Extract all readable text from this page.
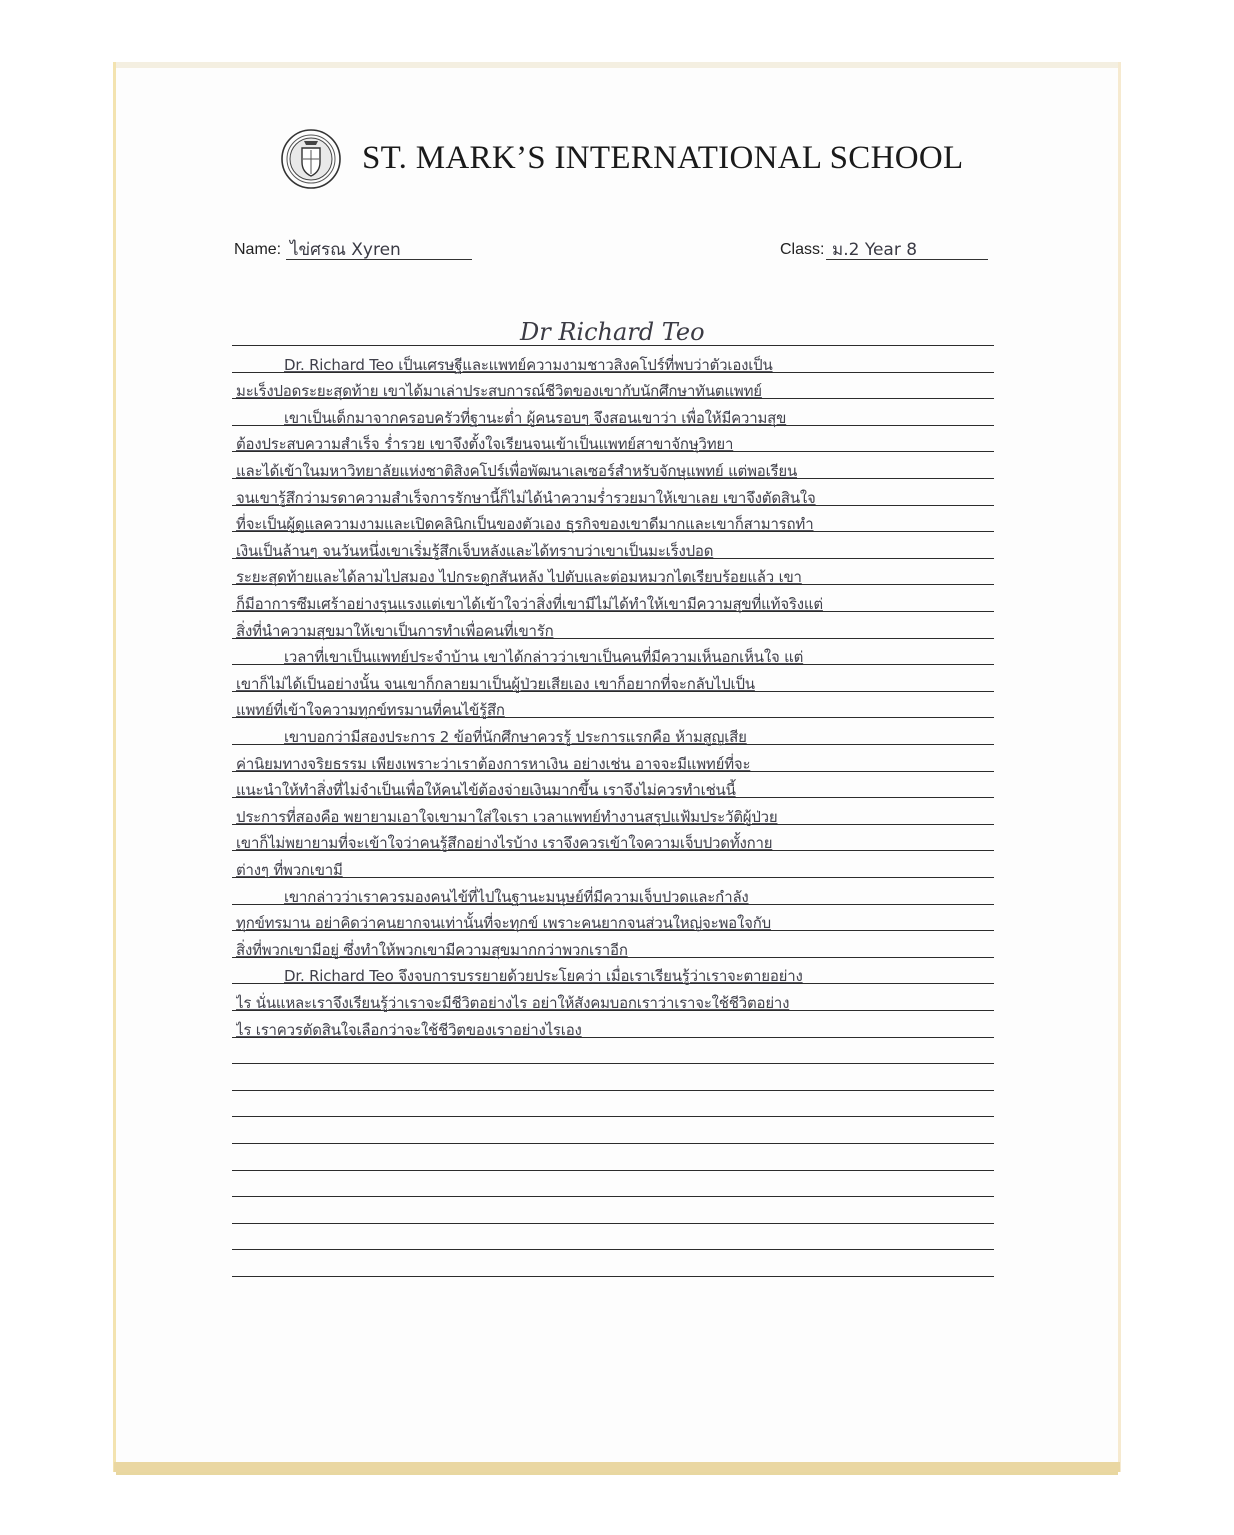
ST. MARK’S INTERNATIONAL SCHOOL
Name: ไข่ศรณ Xyren	Class: ม.2 Year 8
Dr Richard Teo
Dr. Richard Teo เป็นเศรษฐีและแพทย์ความงามชาวสิงคโปร์ที่พบว่าตัวเองเป็น
มะเร็งปอดระยะสุดท้าย เขาได้มาเล่าประสบการณ์ชีวิตของเขากับนักศึกษาทันตแพทย์
เขาเป็นเด็กมาจากครอบครัวที่ฐานะต่ำ ผู้คนรอบๆ จึงสอนเขาว่า เพื่อให้มีความสุข
ต้องประสบความสำเร็จ ร่ำรวย เขาจึงตั้งใจเรียนจนเข้าเป็นแพทย์สาขาจักษุวิทยา
และได้เข้าในมหาวิทยาลัยแห่งชาติสิงคโปร์เพื่อพัฒนาเลเซอร์สำหรับจักษุแพทย์ แต่พอเรียน
จนเขารู้สึกว่ามรดาความสำเร็จการรักษานี้ก็ไม่ได้นำความร่ำรวยมาให้เขาเลย เขาจึงตัดสินใจ
ที่จะเป็นผู้ดูแลความงามและเปิดคลินิกเป็นของตัวเอง ธุรกิจของเขาดีมากและเขาก็สามารถทำ
เงินเป็นล้านๆ จนวันหนึ่งเขาเริ่มรู้สึกเจ็บหลังและได้ทราบว่าเขาเป็นมะเร็งปอด
ระยะสุดท้ายและได้ลามไปสมอง ไปกระดูกสันหลัง ไปตับและต่อมหมวกไตเรียบร้อยแล้ว เขา
ก็มีอาการซึมเศร้าอย่างรุนแรงแต่เขาได้เข้าใจว่าสิ่งที่เขามีไม่ได้ทำให้เขามีความสุขที่แท้จริงแต่
สิ่งที่นำความสุขมาให้เขาเป็นการทำเพื่อคนที่เขารัก
เวลาที่เขาเป็นแพทย์ประจำบ้าน เขาได้กล่าวว่าเขาเป็นคนที่มีความเห็นอกเห็นใจ แต่
เขาก็ไม่ได้เป็นอย่างนั้น จนเขาก็กลายมาเป็นผู้ป่วยเสียเอง เขาก็อยากที่จะกลับไปเป็น
แพทย์ที่เข้าใจความทุกข์ทรมานที่คนไข้รู้สึก
เขาบอกว่ามีสองประการ 2 ข้อที่นักศึกษาควรรู้ ประการแรกคือ ห้ามสูญเสีย
ค่านิยมทางจริยธรรม เพียงเพราะว่าเราต้องการหาเงิน อย่างเช่น อาจจะมีแพทย์ที่จะ
แนะนำให้ทำสิ่งที่ไม่จำเป็นเพื่อให้คนไข้ต้องจ่ายเงินมากขึ้น เราจึงไม่ควรทำเช่นนี้
ประการที่สองคือ พยายามเอาใจเขามาใส่ใจเรา เวลาแพทย์ทำงานสรุปแฟ้มประวัติผู้ป่วย
เขาก็ไม่พยายามที่จะเข้าใจว่าคนรู้สึกอย่างไรบ้าง เราจึงควรเข้าใจความเจ็บปวดทั้งกาย
ต่างๆ ที่พวกเขามี
เขากล่าวว่าเราควรมองคนไข้ที่ไปในฐานะมนุษย์ที่มีความเจ็บปวดและกำลัง
ทุกข์ทรมาน อย่าคิดว่าคนยากจนเท่านั้นที่จะทุกข์ เพราะคนยากจนส่วนใหญ่จะพอใจกับ
สิ่งที่พวกเขามีอยู่ ซึ่งทำให้พวกเขามีความสุขมากกว่าพวกเราอีก
Dr. Richard Teo จึงจบการบรรยายด้วยประโยคว่า เมื่อเราเรียนรู้ว่าเราจะตายอย่าง
ไร นั่นแหละเราจึงเรียนรู้ว่าเราจะมีชีวิตอย่างไร อย่าให้สังคมบอกเราว่าเราจะใช้ชีวิตอย่าง
ไร เราควรตัดสินใจเลือกว่าจะใช้ชีวิตของเราอย่างไรเอง
